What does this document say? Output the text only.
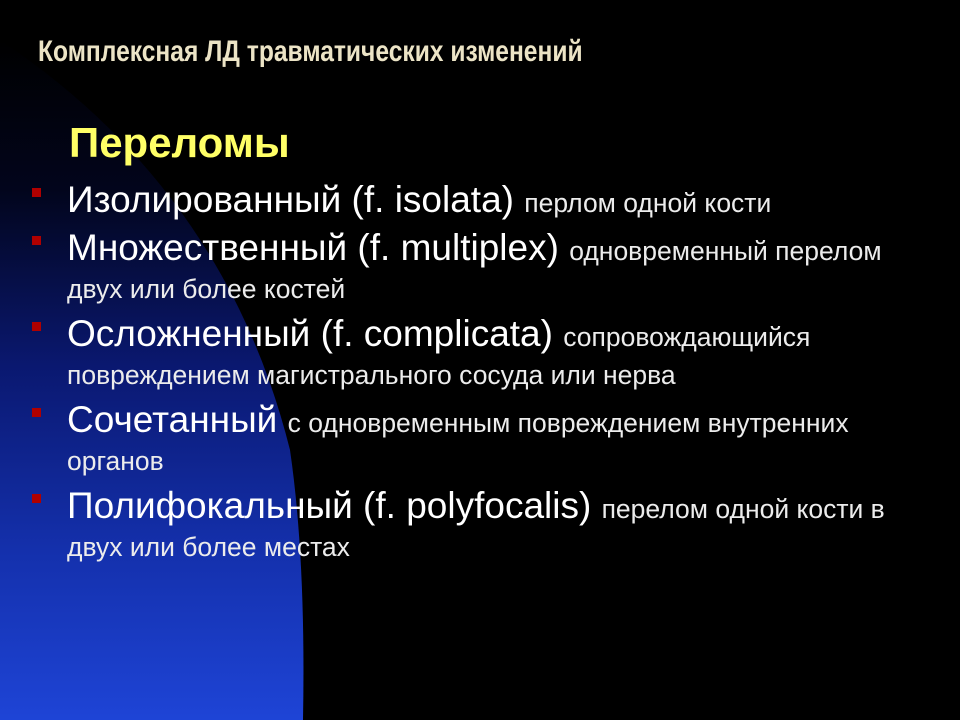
Комплексная ЛД травматических изменений
Переломы
Изолированный (f. isolata) перлом одной кости
Множественный (f. multiplex) одновременный перелом двух или более костей
Осложненный (f. complicata) сопровождающийся повреждением магистрального сосуда или нерва
Сочетанный с одновременным повреждением внутренних органов
Полифокальный (f. polyfocalis) перелом одной кости в двух или более местах
